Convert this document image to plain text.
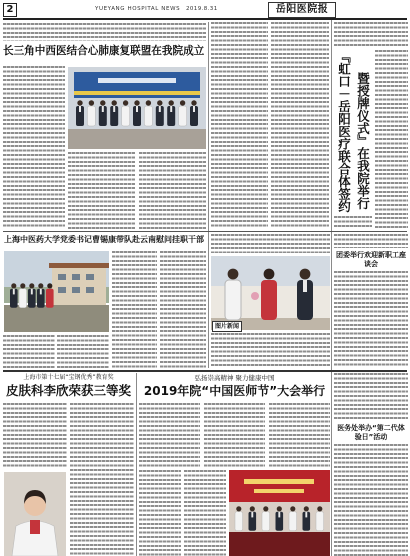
2	YUEYANG HOSPITAL NEWS 2019.8.31	岳阳医院报
长三角中西医结合心肺康复联盟在我院成立	『虹口－岳阳医疗联合体签约 暨授牌仪式』在我院举行
上海中医药大学党委书记曹锡康带队赴云南慰问挂职干部
图片新闻
团委举行欢迎新职工座谈会
上海市第十七届“宝钢优秀”教育奖
皮肤科李欣荣获三等奖
弘扬崇高精神 聚力健康中国
2019年院“中国医师节”大会举行
医务处举办“第二代体验日”活动
